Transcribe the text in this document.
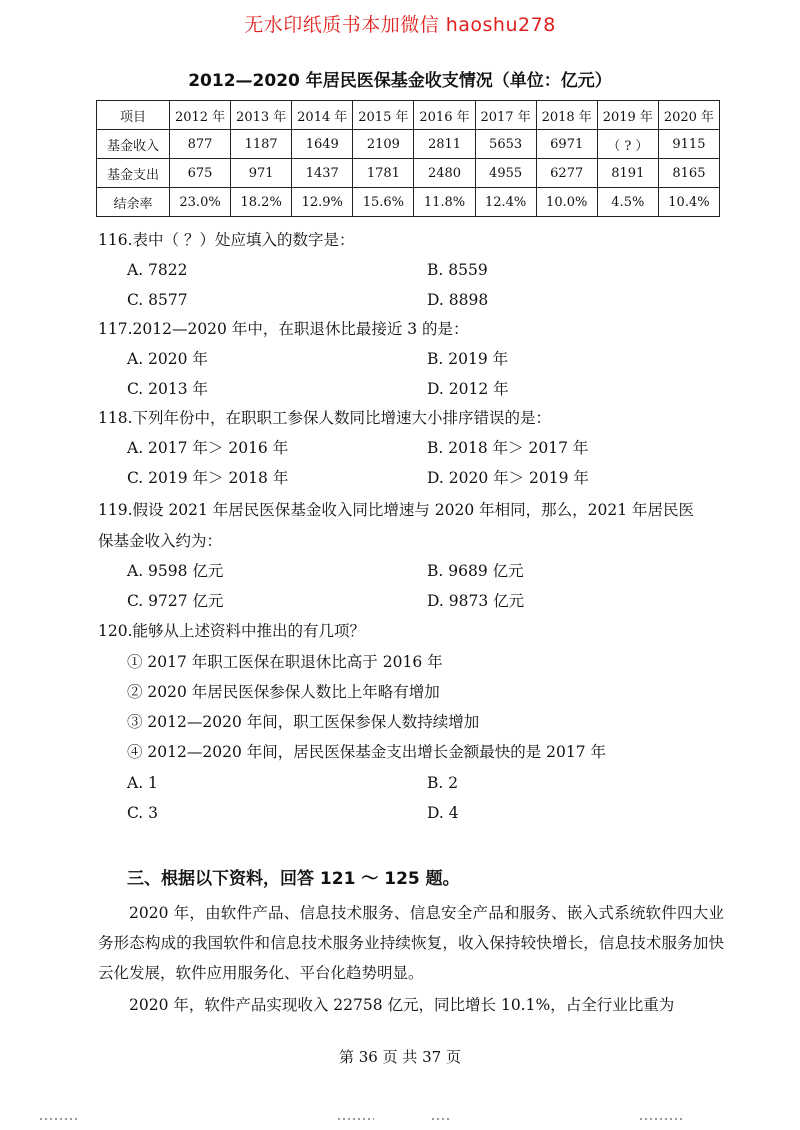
无水印纸质书本加微信 haoshu278
2012—2020 年居民医保基金收支情况（单位：亿元）
项目	2012 年	2013 年	2014 年	2015 年	2016 年	2017 年	2018 年	2019 年	2020 年
基金收入	877	1187	1649	2109	2811	5653	6971	（ ? ）	9115
基金支出	675	971	1437	1781	2480	4955	6277	8191	8165
结余率	23.0%	18.2%	12.9%	15.6%	11.8%	12.4%	10.0%	4.5%	10.4%
116.表中（ ？）处应填入的数字是：
A. 7822	B. 8559
C. 8577	D. 8898
117.2012—2020 年中，在职退休比最接近 3 的是：
A. 2020 年	B. 2019 年
C. 2013 年	D. 2012 年
118.下列年份中，在职职工参保人数同比增速大小排序错误的是：
A. 2017 年＞ 2016 年	B. 2018 年＞ 2017 年
C. 2019 年＞ 2018 年	D. 2020 年＞ 2019 年
119.假设 2021 年居民医保基金收入同比增速与 2020 年相同，那么，2021 年居民医
保基金收入约为：
A. 9598 亿元	B. 9689 亿元
C. 9727 亿元	D. 9873 亿元
120.能够从上述资料中推出的有几项？
① 2017 年职工医保在职退休比高于 2016 年
② 2020 年居民医保参保人数比上年略有增加
③ 2012—2020 年间，职工医保参保人数持续增加
④ 2012—2020 年间，居民医保基金支出增长金额最快的是 2017 年
A. 1	B. 2
C. 3	D. 4
三、根据以下资料，回答 121 ～ 125 题。
2020 年，由软件产品、信息技术服务、信息安全产品和服务、嵌入式系统软件四大业务形态构成的我国软件和信息技术服务业持续恢复，收入保持较快增长，信息技术服务加快云化发展，软件应用服务化、平台化趋势明显。
2020 年，软件产品实现收入 22758 亿元，同比增长 10.1%，占全行业比重为
第 36 页 共 37 页
